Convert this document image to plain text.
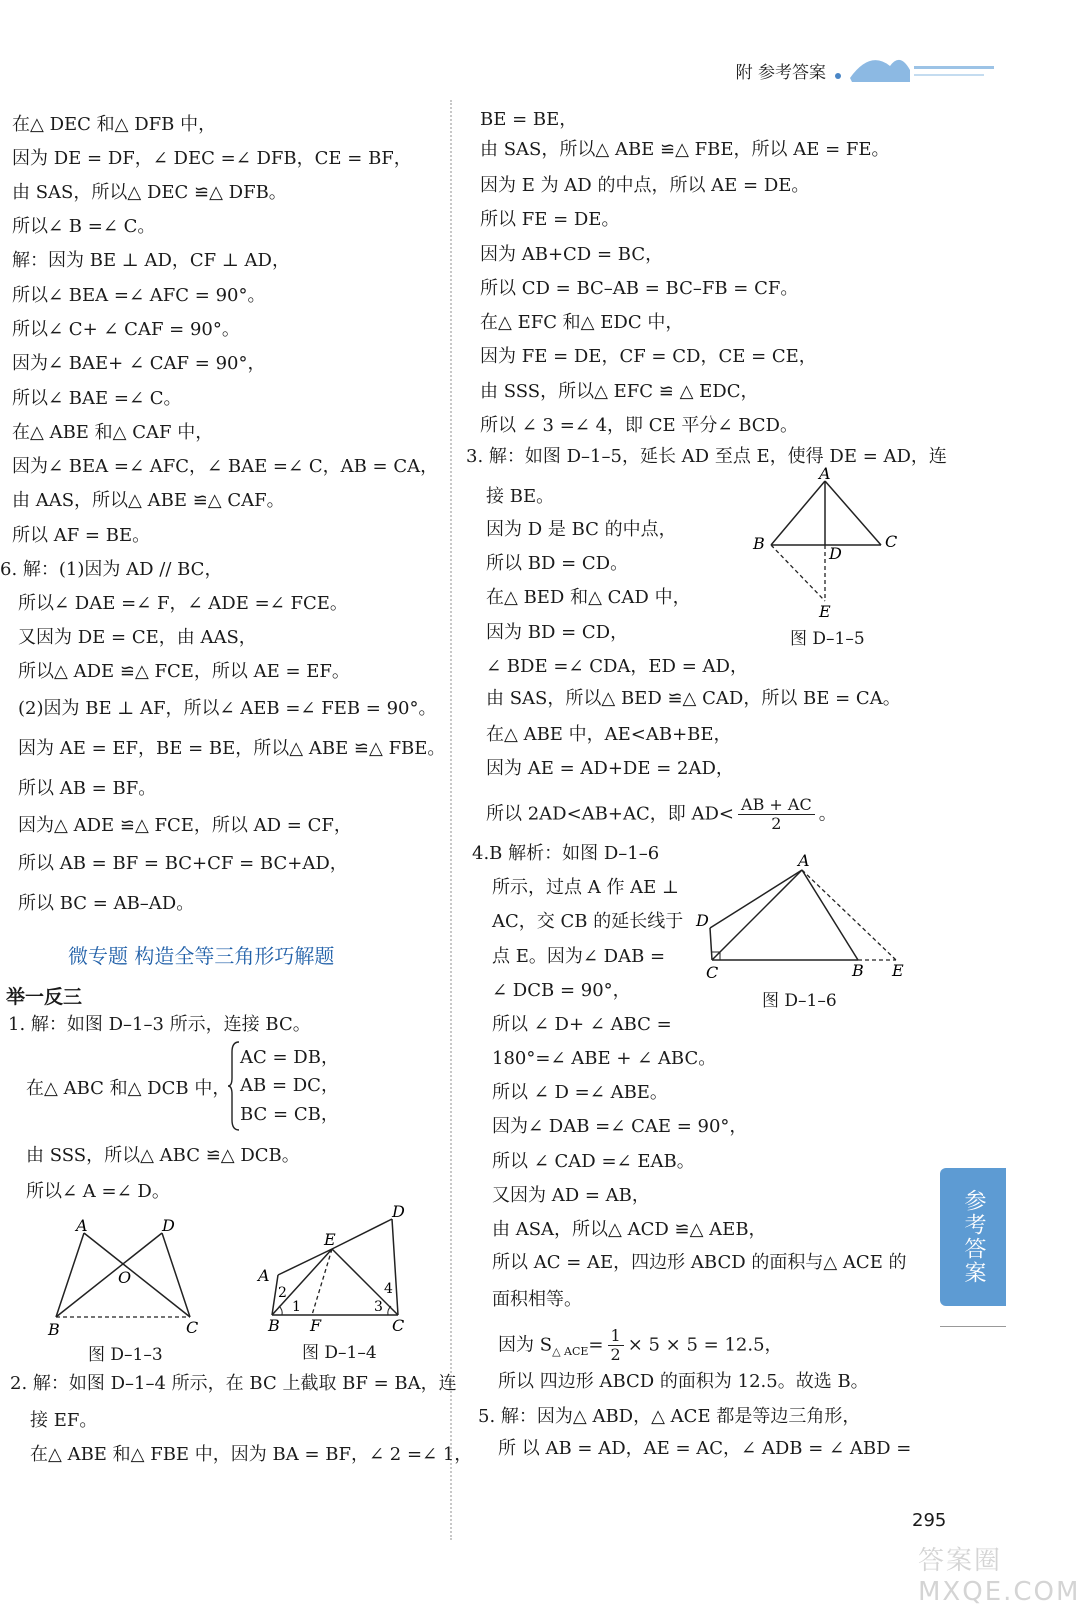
附 参考答案
在△ DEC 和△ DFB 中，
因为 DE = DF，∠ DEC =∠ DFB，CE = BF，
由 SAS，所以△ DEC ≌△ DFB。
所以∠ B =∠ C。
解：因为 BE ⊥ AD，CF ⊥ AD，
所以∠ BEA =∠ AFC = 90°。
所以∠ C+ ∠ CAF = 90°。
因为∠ BAE+ ∠ CAF = 90°，
所以∠ BAE =∠ C。
在△ ABE 和△ CAF 中，
因为∠ BEA =∠ AFC，∠ BAE =∠ C，AB = CA，
由 AAS，所以△ ABE ≌△ CAF。
所以 AF = BE。
6. 解：(1)因为 AD // BC，
所以∠ DAE =∠ F，∠ ADE =∠ FCE。
又因为 DE = CE，由 AAS，
所以△ ADE ≌△ FCE，所以 AE = EF。
(2)因为 BE ⊥ AF，所以∠ AEB =∠ FEB = 90°。
因为 AE = EF，BE = BE，所以△ ABE ≌△ FBE。
所以 AB = BF。
因为△ ADE ≌△ FCE，所以 AD = CF，
所以 AB = BF = BC+CF = BC+AD，
所以 BC = AB–AD。
微专题 构造全等三角形巧解题
举一反三
1. 解：如图 D–1–3 所示，连接 BC。
在△ ABC 和△ DCB 中，
AC = DB，
AB = DC，
BC = CB，
由 SSS，所以△ ABC ≌△ DCB。
所以∠ A =∠ D。
A	D
O
B	C
图 D–1–3
D
E
A
2
1
F
B
3
4
C
图 D–1–4
2. 解：如图 D–1–4 所示，在 BC 上截取 BF = BA，连
接 EF。
在△ ABE 和△ FBE 中，因为 BA = BF，∠ 2 =∠ 1，
BE = BE，
由 SAS，所以△ ABE ≌△ FBE，所以 AE = FE。
因为 E 为 AD 的中点，所以 AE = DE。
所以 FE = DE。
因为 AB+CD = BC，
所以 CD = BC–AB = BC–FB = CF。
在△ EFC 和△ EDC 中，
因为 FE = DE，CF = CD，CE = CE，
由 SSS，所以△ EFC ≌ △ EDC，
所以 ∠ 3 =∠ 4，即 CE 平分∠ BCD。
3. 解：如图 D–1–5，延长 AD 至点 E，使得 DE = AD，连
接 BE。
因为 D 是 BC 的中点，
所以 BD = CD。
在△ BED 和△ CAD 中，
因为 BD = CD，
∠ BDE =∠ CDA，ED = AD，
由 SAS，所以△ BED ≌△ CAD，所以 BE = CA。
在△ ABE 中，AE<AB+BE，
因为 AE = AD+DE = 2AD，
所以 2AD<AB+AC，即 $AD< \frac{AB + AC}{2}$ 。
A
B
D
C
E
图 D–1–5
4.B 解析：如图 D–1–6
所示，过点 A 作 AE ⊥
AC，交 CB 的延长线于
点 E。因为∠ DAB =
∠ DCB = 90°，
所以 ∠ D+ ∠ ABC =
180°=∠ ABE + ∠ ABC。
所以 ∠ D =∠ ABE。
因为∠ DAB =∠ CAE = 90°，
所以 ∠ CAD =∠ EAB。
又因为 AD = AB，
由 ASA，所以△ ACD ≌△ AEB，
所以 AC = AE，四边形 ABCD 的面积与△ ACE 的
面积相等。
A
D
C	B E
图 D–1–6
因为 $S_{\triangle ACE}= \frac{1}{2} \times 5 \times 5 = 12.5$，
所以 四边形 ABCD 的面积为 12.5。故选 B。
5. 解：因为△ ABD，△ ACE 都是等边三角形，
所 以 AB = AD，AE = AC，∠ ADB = ∠ ABD =
参考答案
295
答案圈 MXQE.COM
